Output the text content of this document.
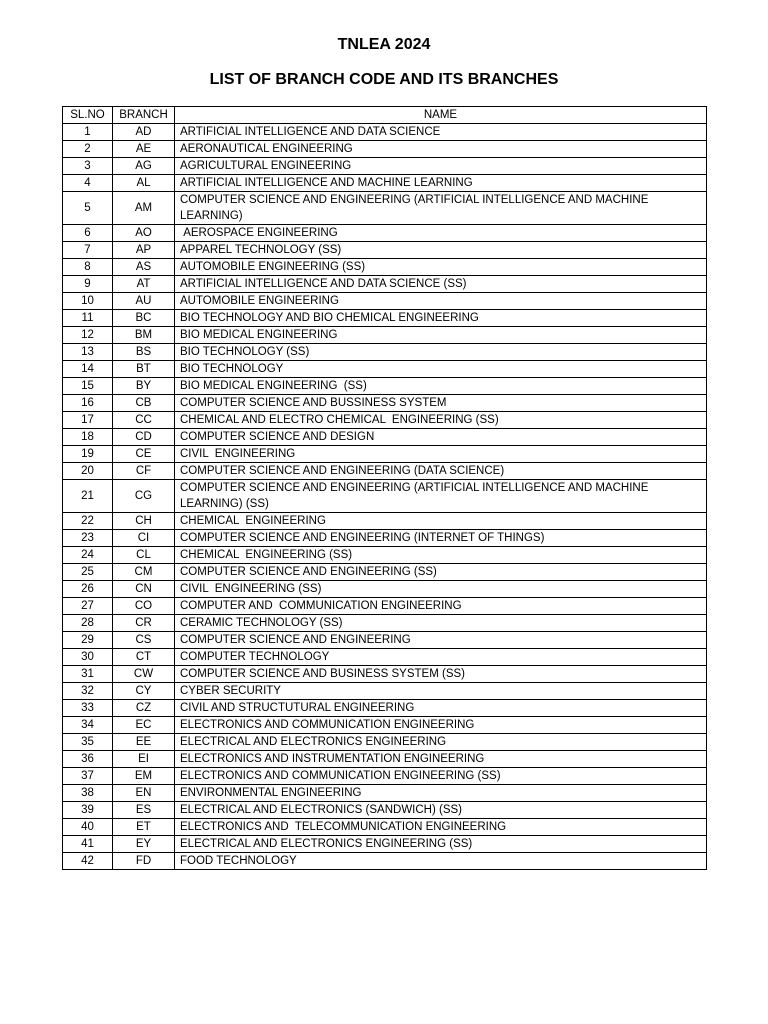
TNLEA 2024
LIST OF BRANCH CODE AND ITS BRANCHES
SL.NO	BRANCH	NAME
1	AD	ARTIFICIAL INTELLIGENCE AND DATA SCIENCE
2	AE	AERONAUTICAL ENGINEERING
3	AG	AGRICULTURAL ENGINEERING
4	AL	ARTIFICIAL INTELLIGENCE AND MACHINE LEARNING
5	AM	COMPUTER SCIENCE AND ENGINEERING (ARTIFICIAL INTELLIGENCE AND MACHINE LEARNING)
6	AO	AEROSPACE ENGINEERING
7	AP	APPAREL TECHNOLOGY (SS)
8	AS	AUTOMOBILE ENGINEERING (SS)
9	AT	ARTIFICIAL INTELLIGENCE AND DATA SCIENCE (SS)
10	AU	AUTOMOBILE ENGINEERING
11	BC	BIO TECHNOLOGY AND BIO CHEMICAL ENGINEERING
12	BM	BIO MEDICAL ENGINEERING
13	BS	BIO TECHNOLOGY (SS)
14	BT	BIO TECHNOLOGY
15	BY	BIO MEDICAL ENGINEERING  (SS)
16	CB	COMPUTER SCIENCE AND BUSSINESS SYSTEM
17	CC	CHEMICAL AND ELECTRO CHEMICAL  ENGINEERING (SS)
18	CD	COMPUTER SCIENCE AND DESIGN
19	CE	CIVIL  ENGINEERING
20	CF	COMPUTER SCIENCE AND ENGINEERING (DATA SCIENCE)
21	CG	COMPUTER SCIENCE AND ENGINEERING (ARTIFICIAL INTELLIGENCE AND MACHINE LEARNING) (SS)
22	CH	CHEMICAL  ENGINEERING
23	CI	COMPUTER SCIENCE AND ENGINEERING (INTERNET OF THINGS)
24	CL	CHEMICAL  ENGINEERING (SS)
25	CM	COMPUTER SCIENCE AND ENGINEERING (SS)
26	CN	CIVIL  ENGINEERING (SS)
27	CO	COMPUTER AND  COMMUNICATION ENGINEERING
28	CR	CERAMIC TECHNOLOGY (SS)
29	CS	COMPUTER SCIENCE AND ENGINEERING
30	CT	COMPUTER TECHNOLOGY
31	CW	COMPUTER SCIENCE AND BUSINESS SYSTEM (SS)
32	CY	CYBER SECURITY
33	CZ	CIVIL AND STRUCTUTURAL ENGINEERING
34	EC	ELECTRONICS AND COMMUNICATION ENGINEERING
35	EE	ELECTRICAL AND ELECTRONICS ENGINEERING
36	EI	ELECTRONICS AND INSTRUMENTATION ENGINEERING
37	EM	ELECTRONICS AND COMMUNICATION ENGINEERING (SS)
38	EN	ENVIRONMENTAL ENGINEERING
39	ES	ELECTRICAL AND ELECTRONICS (SANDWICH) (SS)
40	ET	ELECTRONICS AND  TELECOMMUNICATION ENGINEERING
41	EY	ELECTRICAL AND ELECTRONICS ENGINEERING (SS)
42	FD	FOOD TECHNOLOGY
